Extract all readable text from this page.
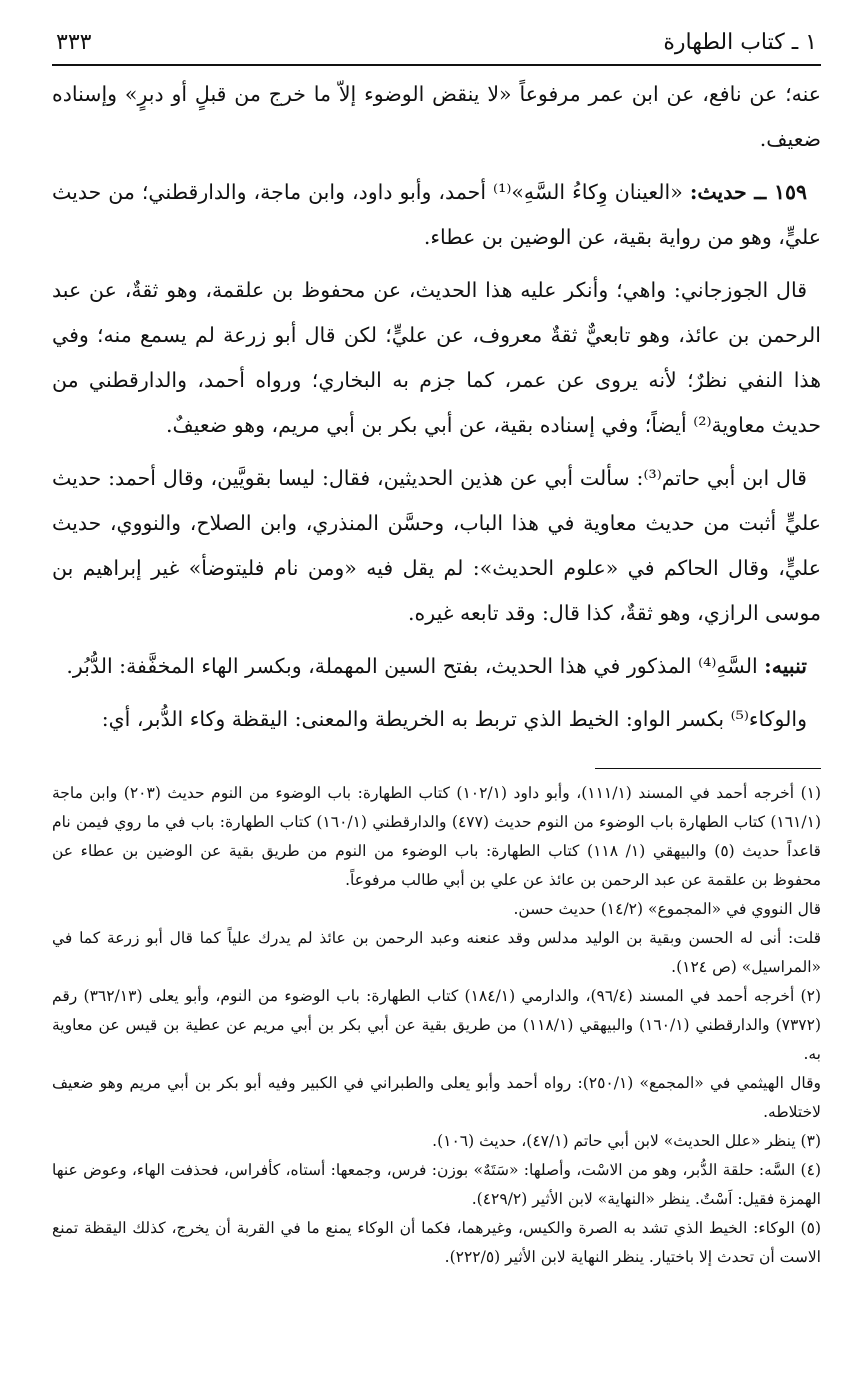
١ ـ كتاب الطهارة
٣٣٣

عنه؛ عن نافع، عن ابن عمر مرفوعاً «لا ينقض الوضوء إلاّ ما خرج من قبلٍ أو دبرٍ» وإسناده ضعيف.

١٥٩ ــ حديث: «العينان وِكاءُ السَّهِ»⁽¹⁾ أحمد، وأبو داود، وابن ماجة، والدارقطني؛ من حديث عليٍّ، وهو من رواية بقية، عن الوضين بن عطاء.

قال الجوزجاني: واهي؛ وأنكر عليه هذا الحديث، عن محفوظ بن علقمة، وهو ثقةٌ، عن عبد الرحمن بن عائذ، وهو تابعيٌّ ثقةٌ معروف، عن عليٍّ؛ لكن قال أبو زرعة لم يسمع منه؛ وفي هذا النفي نظرٌ؛ لأنه يروى عن عمر، كما جزم به البخاري؛ ورواه أحمد، والدارقطني من حديث معاوية⁽²⁾ أيضاً؛ وفي إسناده بقية، عن أبي بكر بن أبي مريم، وهو ضعيفٌ.

قال ابن أبي حاتم⁽³⁾: سألت أبي عن هذين الحديثين، فقال: ليسا بقويَّين، وقال أحمد: حديث عليٍّ أثبت من حديث معاوية في هذا الباب، وحسَّن المنذري، وابن الصلاح، والنووي، حديث عليٍّ، وقال الحاكم في «علوم الحديث»: لم يقل فيه «ومن نام فليتوضأ» غير إبراهيم بن موسى الرازي، وهو ثقةٌ، كذا قال: وقد تابعه غيره.

تنبيه: السَّهِ⁽⁴⁾ المذكور في هذا الحديث، بفتح السين المهملة، وبكسر الهاء المخفَّفة: الدُّبُر.

والوكاء⁽⁵⁾ بكسر الواو: الخيط الذي تربط به الخريطة والمعنى: اليقظة وكاء الدُّبر، أي:

(١) أخرجه أحمد في المسند (١١١/١)، وأبو داود (١٠٢/١) كتاب الطهارة: باب الوضوء من النوم حديث (٢٠٣) وابن ماجة (١٦١/١) كتاب الطهارة باب الوضوء من النوم حديث (٤٧٧) والدارقطني (١٦٠/١) كتاب الطهارة: باب في ما روي فيمن نام قاعداً حديث (٥) والبيهقي (١/ ١١٨) كتاب الطهارة: باب الوضوء من النوم من طريق بقية عن الوضين بن عطاء عن محفوظ بن علقمة عن عبد الرحمن بن عائذ عن علي بن أبي طالب مرفوعاً.

قال النووي في «المجموع» (١٤/٢) حديث حسن.

قلت: أنى له الحسن وبقية بن الوليد مدلس وقد عنعنه وعبد الرحمن بن عائذ لم يدرك علياً كما قال أبو زرعة كما في «المراسيل» (ص ١٢٤).

(٢) أخرجه أحمد في المسند (٩٦/٤)، والدارمي (١٨٤/١) كتاب الطهارة: باب الوضوء من النوم، وأبو يعلى (٣٦٢/١٣) رقم (٧٣٧٢) والدارقطني (١٦٠/١) والبيهقي (١١٨/١) من طريق بقية عن أبي بكر بن أبي مريم عن عطية بن قيس عن معاوية به.

وقال الهيثمي في «المجمع» (٢٥٠/١): رواه أحمد وأبو يعلى والطبراني في الكبير وفيه أبو بكر بن أبي مريم وهو ضعيف لاختلاطه.

(٣) ينظر «علل الحديث» لابن أبي حاتم (٤٧/١)، حديث (١٠٦).

(٤) السَّه: حلقة الدُّبر، وهو من الاسْت، وأصلها: «سَتَهٌ» بوزن: فرس، وجمعها: أستاه، كأفراس، فحذفت الهاء، وعوض عنها الهمزة فقيل: اَسْتٌ. ينظر «النهاية» لابن الأثير (٤٢٩/٢).

(٥) الوكاء: الخيط الذي تشد به الصرة والكيس، وغيرهما، فكما أن الوكاء يمنع ما في القربة أن يخرج، كذلك اليقظة تمنع الاست أن تحدث إلا باختيار. ينظر النهاية لابن الأثير (٢٢٢/٥).
